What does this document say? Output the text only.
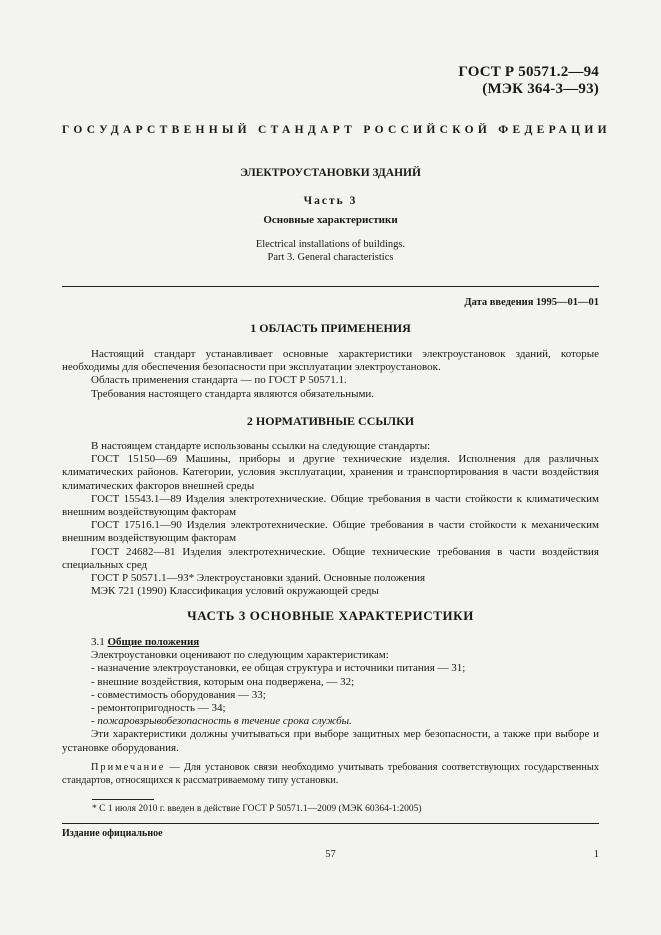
ГОСТ Р 50571.2—94
(МЭК 364-3—93)
ГОСУДАРСТВЕННЫЙ СТАНДАРТ РОССИЙСКОЙ ФЕДЕРАЦИИ
ЭЛЕКТРОУСТАНОВКИ ЗДАНИЙ
Часть 3
Основные характеристики
Electrical installations of buildings.
Part 3. General characteristics
Дата введения 1995—01—01
1 ОБЛАСТЬ ПРИМЕНЕНИЯ

Настоящий стандарт устанавливает основные характеристики электроустановок зданий, которые необходимы для обеспечения безопасности при эксплуатации электроустановок.

Область применения стандарта — по ГОСТ Р 50571.1.

Требования настоящего стандарта являются обязательными.

2 НОРМАТИВНЫЕ ССЫЛКИ

В настоящем стандарте использованы ссылки на следующие стандарты:

ГОСТ 15150—69 Машины, приборы и другие технические изделия. Исполнения для различных климатических районов. Категории, условия эксплуатации, хранения и транспортирования в части воздействия климатических факторов внешней среды

ГОСТ 15543.1—89 Изделия электротехнические. Общие требования в части стойкости к климатическим внешним воздействующим факторам

ГОСТ 17516.1—90 Изделия электротехнические. Общие требования в части стойкости к механическим внешним воздействующим факторам

ГОСТ 24682—81 Изделия электротехнические. Общие технические требования в части воздействия специальных сред

ГОСТ Р 50571.1—93* Электроустановки зданий. Основные положения

МЭК 721 (1990) Классификация условий окружающей среды

ЧАСТЬ 3 ОСНОВНЫЕ ХАРАКТЕРИСТИКИ

3.1 Общие положения

Электроустановки оценивают по следующим характеристикам:

- назначение электроустановки, ее общая структура и источники питания — 31;

- внешние воздействия, которым она подвержена, — 32;

- совместимость оборудования — 33;

- ремонтопригодность — 34;

- пожаровзрывобезопасность в течение срока службы.

Эти характеристики должны учитываться при выборе защитных мер безопасности, а также при выборе и установке оборудования.

Примечание — Для установок связи необходимо учитывать требования соответствующих государственных стандартов, относящихся к рассматриваемому типу установки.

* С 1 июля 2010 г. введен в действие ГОСТ Р 50571.1—2009 (МЭК 60364-1:2005)
Издание официальное
57	1
